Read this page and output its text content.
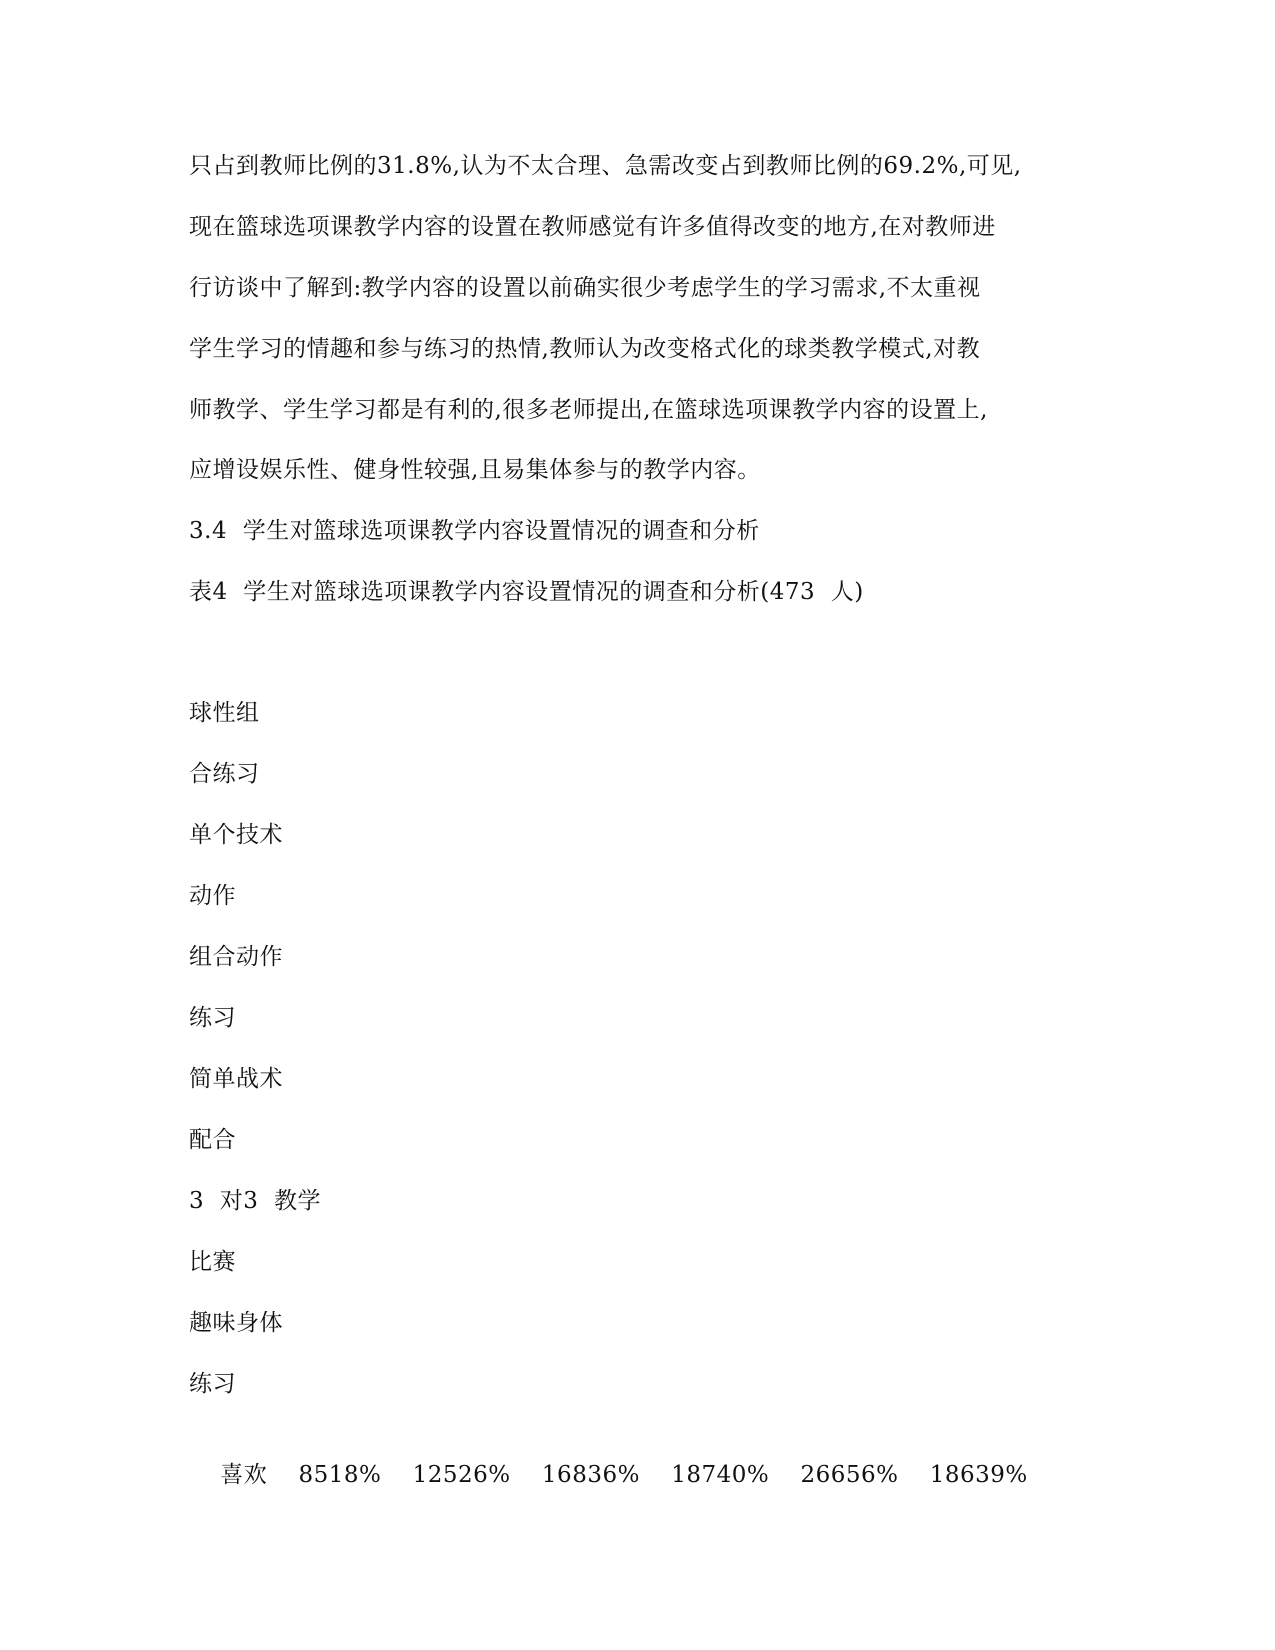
只占到教师比例的31.8%,认为不太合理、急需改变占到教师比例的69.2%,可见,
现在篮球选项课教学内容的设置在教师感觉有许多值得改变的地方,在对教师进
行访谈中了解到:教学内容的设置以前确实很少考虑学生的学习需求,不太重视
学生学习的情趣和参与练习的热情,教师认为改变格式化的球类教学模式,对教
师教学、学生学习都是有利的,很多老师提出,在篮球选项课教学内容的设置上,
应增设娱乐性、健身性较强,且易集体参与的教学内容。
3.4  学生对篮球选项课教学内容设置情况的调查和分析
表4  学生对篮球选项课教学内容设置情况的调查和分析(473  人)
球性组
合练习
单个技术
动作
组合动作
练习
简单战术
配合
3  对3  教学
比赛
趣味身体
练习

喜欢 8518% 12526% 16836% 18740% 26656% 18639%
